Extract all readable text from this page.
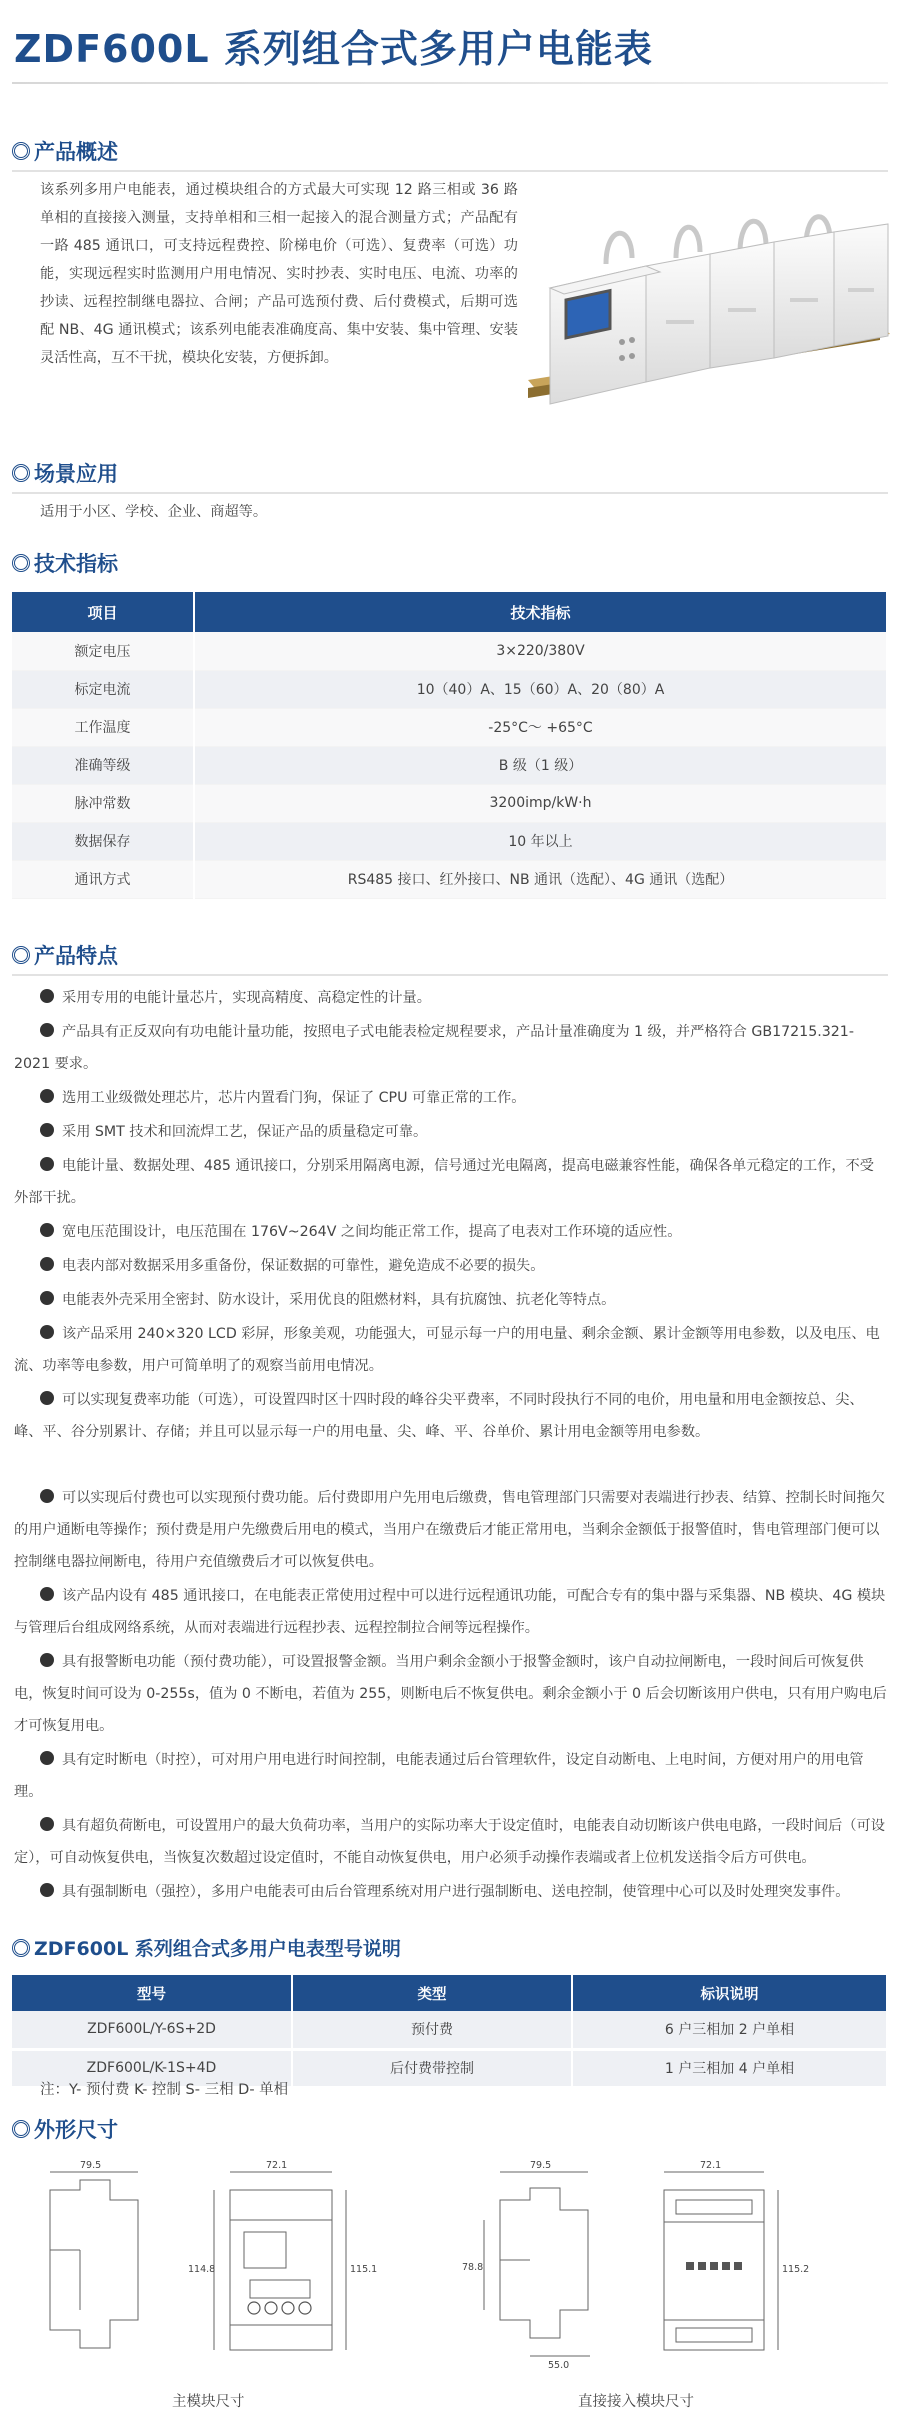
ZDF600L 系列组合式多用户电能表
产品概述

该系列多用户电能表，通过模块组合的方式最大可实现 12 路三相或 36 路单相的直接接入测量，支持单相和三相一起接入的混合测量方式；产品配有一路 485 通讯口，可支持远程费控、阶梯电价（可选）、复费率（可选）功能，实现远程实时监测用户用电情况、实时抄表、实时电压、电流、功率的抄读、远程控制继电器拉、合闸；产品可选预付费、后付费模式，后期可选配 NB、4G 通讯模式；该系列电能表准确度高、集中安装、集中管理、安装灵活性高，互不干扰，模块化安装，方便拆卸。

场景应用

适用于小区、学校、企业、商超等。

技术指标
项目	技术指标
额定电压	3×220/380V
标定电流	10（40）A、15（60）A、20（80）A
工作温度	-25°C～ +65°C
准确等级	B 级（1 级）
脉冲常数	3200imp/kW·h
数据保存	10 年以上
通讯方式	RS485 接口、红外接口、NB 通讯（选配）、4G 通讯（选配）
产品特点

采用专用的电能计量芯片，实现高精度、高稳定性的计量。

产品具有正反双向有功电能计量功能，按照电子式电能表检定规程要求，产品计量准确度为 1 级，并严格符合 GB17215.321-2021 要求。

选用工业级微处理芯片，芯片内置看门狗，保证了 CPU 可靠正常的工作。

采用 SMT 技术和回流焊工艺，保证产品的质量稳定可靠。

电能计量、数据处理、485 通讯接口，分别采用隔离电源，信号通过光电隔离，提高电磁兼容性能，确保各单元稳定的工作，不受外部干扰。

宽电压范围设计，电压范围在 176V~264V 之间均能正常工作，提高了电表对工作环境的适应性。

电表内部对数据采用多重备份，保证数据的可靠性，避免造成不必要的损失。

电能表外壳采用全密封、防水设计，采用优良的阻燃材料，具有抗腐蚀、抗老化等特点。

该产品采用 240×320 LCD 彩屏，形象美观，功能强大，可显示每一户的用电量、剩余金额、累计金额等用电参数，以及电压、电流、功率等电参数，用户可简单明了的观察当前用电情况。

可以实现复费率功能（可选），可设置四时区十四时段的峰谷尖平费率，不同时段执行不同的电价，用电量和用电金额按总、尖、峰、平、谷分别累计、存储；并且可以显示每一户的用电量、尖、峰、平、谷单价、累计用电金额等用电参数。

可以实现后付费也可以实现预付费功能。后付费即用户先用电后缴费，售电管理部门只需要对表端进行抄表、结算、控制长时间拖欠的用户通断电等操作；预付费是用户先缴费后用电的模式，当用户在缴费后才能正常用电，当剩余金额低于报警值时，售电管理部门便可以控制继电器拉闸断电，待用户充值缴费后才可以恢复供电。

该产品内设有 485 通讯接口，在电能表正常使用过程中可以进行远程通讯功能，可配合专有的集中器与采集器、NB 模块、4G 模块与管理后台组成网络系统，从而对表端进行远程抄表、远程控制拉合闸等远程操作。

具有报警断电功能（预付费功能），可设置报警金额。当用户剩余金额小于报警金额时，该户自动拉闸断电，一段时间后可恢复供电，恢复时间可设为 0-255s，值为 0 不断电，若值为 255，则断电后不恢复供电。剩余金额小于 0 后会切断该用户供电，只有用户购电后才可恢复用电。

具有定时断电（时控），可对用户用电进行时间控制，电能表通过后台管理软件，设定自动断电、上电时间，方便对用户的用电管理。

具有超负荷断电，可设置用户的最大负荷功率，当用户的实际功率大于设定值时，电能表自动切断该户供电电路，一段时间后（可设定），可自动恢复供电，当恢复次数超过设定值时，不能自动恢复供电，用户必须手动操作表端或者上位机发送指令后方可供电。

具有强制断电（强控），多用户电能表可由后台管理系统对用户进行强制断电、送电控制，使管理中心可以及时处理突发事件。

ZDF600L 系列组合式多用户电表型号说明
型号	类型	标识说明
ZDF600L/Y-6S+2D	预付费	6 户三相加 2 户单相
ZDF600L/K-1S+4D	后付费带控制	1 户三相加 4 户单相

注：Y- 预付费 K- 控制 S- 三相 D- 单相

外形尺寸
79.5	72.1
114.8	115.1

主模块尺寸

79.5	72.1
78.8	115.2
55.0

直接接入模块尺寸
